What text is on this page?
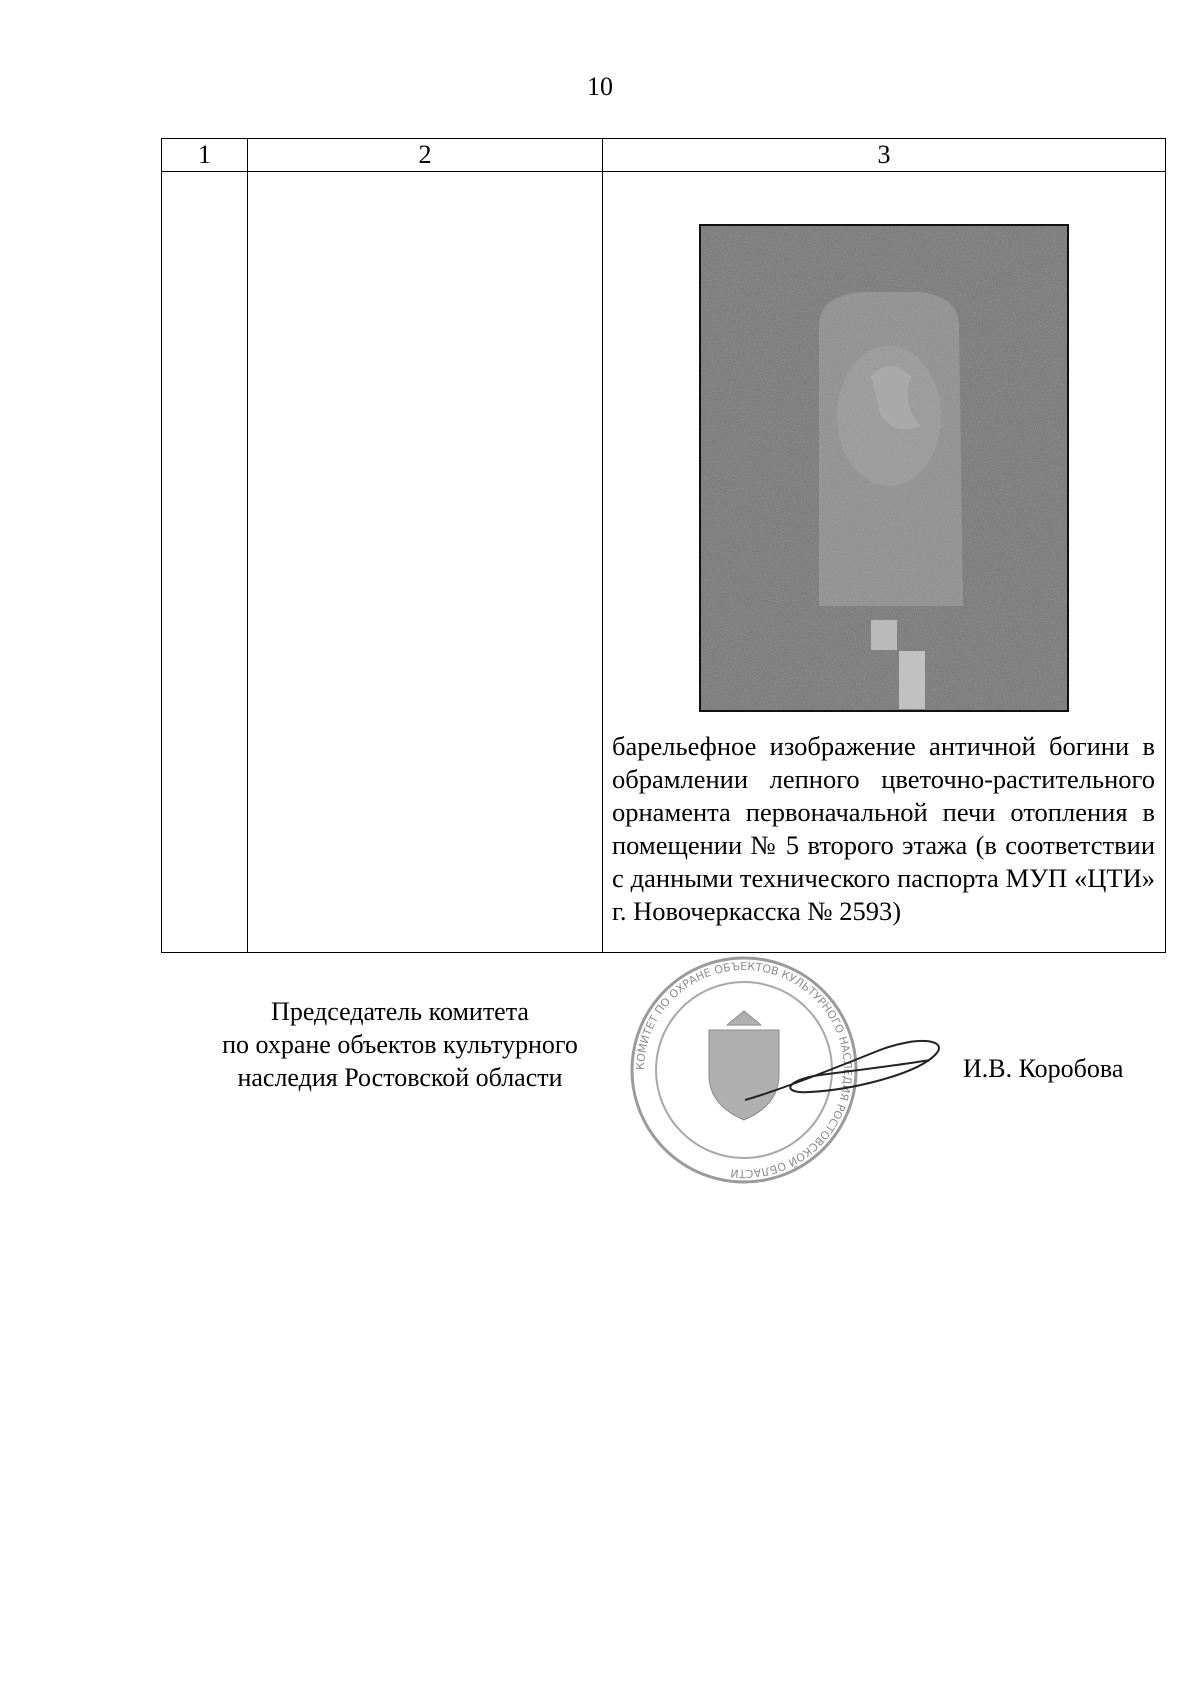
10
1	2	3

		барельефное изображение античной богини в обрамлении лепного цветочно-растительного орнамента первоначальной печи отопления в помещении № 5 второго этажа (в соответствии с данными технического паспорта МУП «ЦТИ» г. Новочеркасска № 2593)
Председатель комитета
по охране объектов культурного
наследия Ростовской области	КОМИТЕТ ПО ОХРАНЕ ОБЪЕКТОВ КУЛЬТУРНОГО НАСЛЕДИЯ РОСТОВСКОЙ ОБЛАСТИ
И.В. Коробова
